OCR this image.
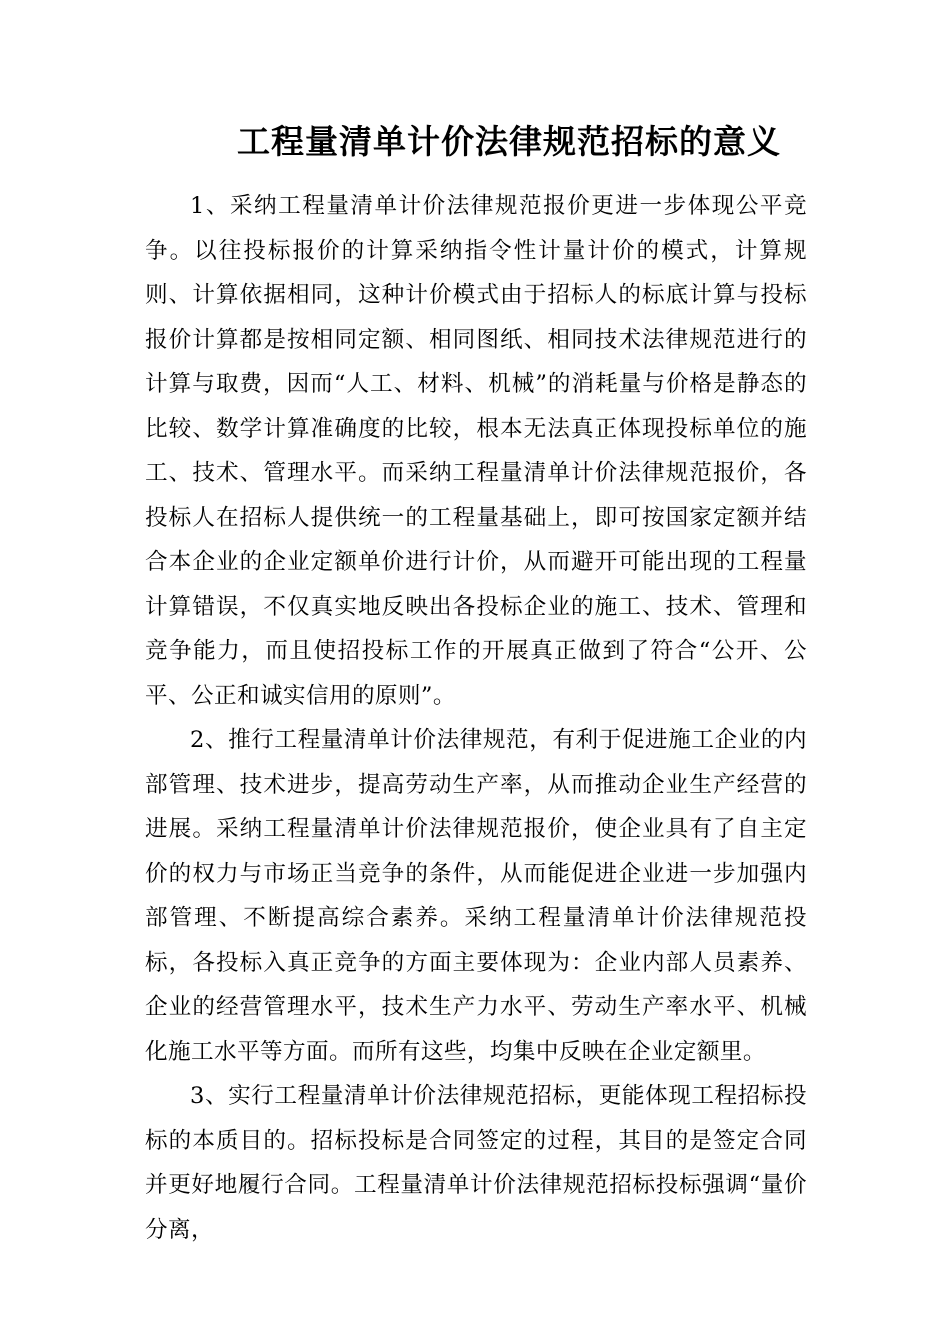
工程量清单计价法律规范招标的意义

1、采纳工程量清单计价法律规范报价更进一步体现公平竞争。以往投标报价的计算采纳指令性计量计价的模式，计算规则、计算依据相同，这种计价模式由于招标人的标底计算与投标报价计算都是按相同定额、相同图纸、相同技术法律规范进行的计算与取费，因而“人工、材料、机械”的消耗量与价格是静态的比较、数学计算准确度的比较，根本无法真正体现投标单位的施工、技术、管理水平。而采纳工程量清单计价法律规范报价，各投标人在招标人提供统一的工程量基础上，即可按国家定额并结合本企业的企业定额单价进行计价，从而避开可能出现的工程量计算错误，不仅真实地反映出各投标企业的施工、技术、管理和竞争能力，而且使招投标工作的开展真正做到了符合“公开、公平、公正和诚实信用的原则”。

2、推行工程量清单计价法律规范，有利于促进施工企业的内部管理、技术进步，提高劳动生产率，从而推动企业生产经营的进展。采纳工程量清单计价法律规范报价，使企业具有了自主定价的权力与市场正当竞争的条件，从而能促进企业进一步加强内部管理、不断提高综合素养。采纳工程量清单计价法律规范投标，各投标入真正竞争的方面主要体现为：企业内部人员素养、企业的经营管理水平，技术生产力水平、劳动生产率水平、机械化施工水平等方面。而所有这些，均集中反映在企业定额里。

3、实行工程量清单计价法律规范招标，更能体现工程招标投标的本质目的。招标投标是合同签定的过程，其目的是签定合同并更好地履行合同。工程量清单计价法律规范招标投标强调“量价分离，
